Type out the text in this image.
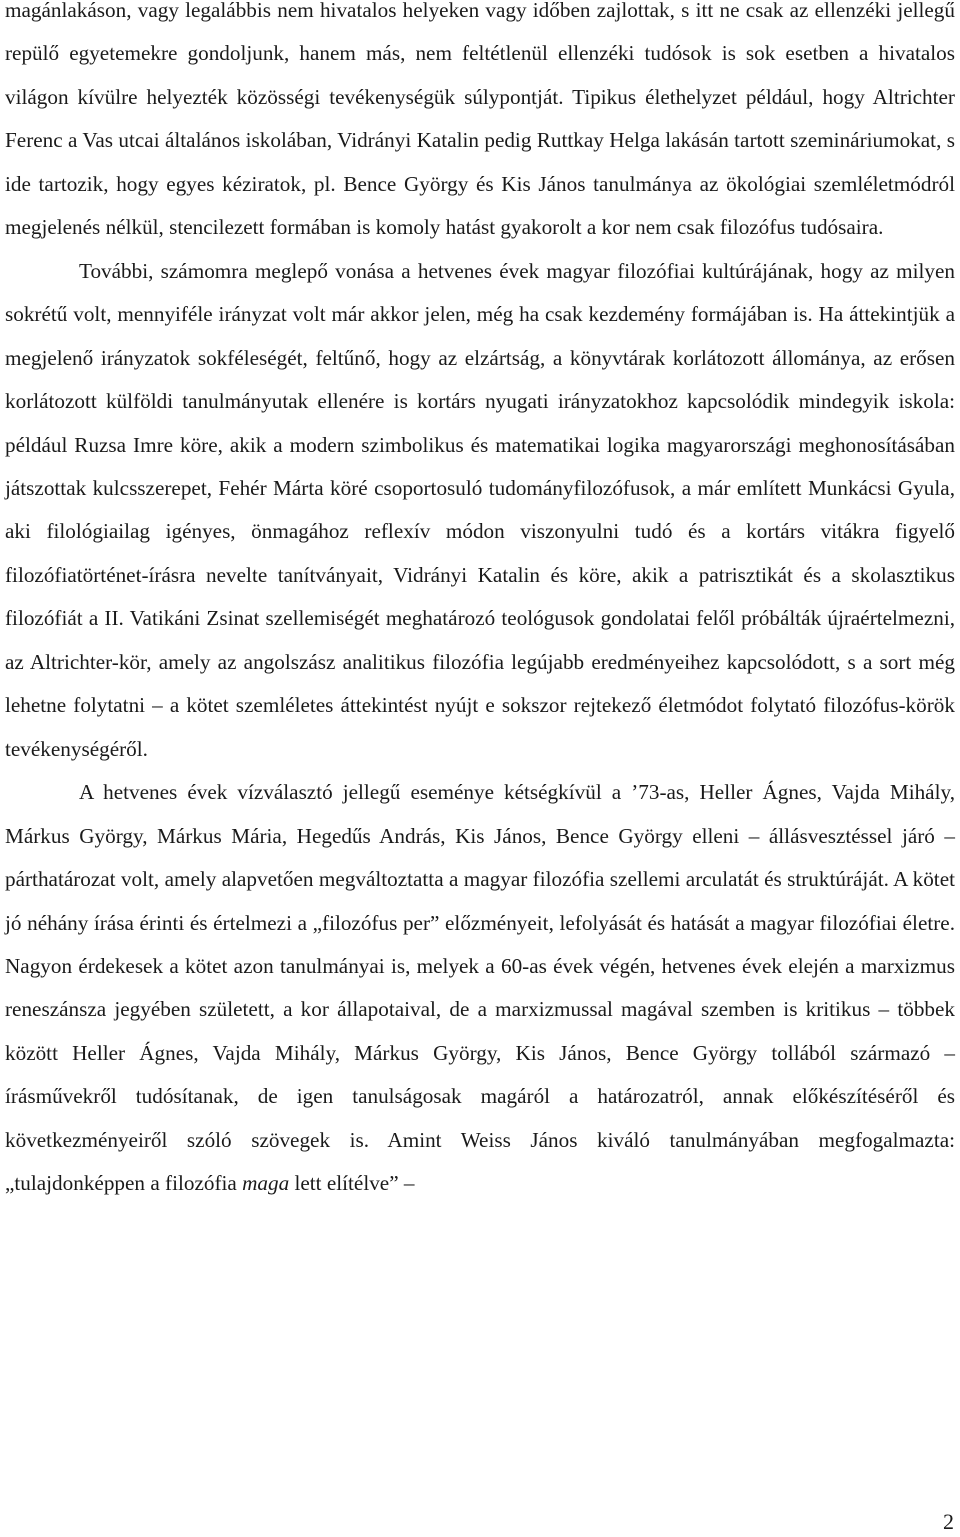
magánlakáson, vagy legalábbis nem hivatalos helyeken vagy időben zajlottak, s itt ne csak az ellenzéki jellegű repülő egyetemekre gondoljunk, hanem más, nem feltétlenül ellenzéki tudósok is sok esetben a hivatalos világon kívülre helyezték közösségi tevékenységük súlypontját. Tipikus élethelyzet például, hogy Altrichter Ferenc a Vas utcai általános iskolában, Vidrányi Katalin pedig Ruttkay Helga lakásán tartott szemináriumokat, s ide tartozik, hogy egyes kéziratok, pl. Bence György és Kis János tanulmánya az ökológiai szemléletmódról megjelenés nélkül, stencilezett formában is komoly hatást gyakorolt a kor nem csak filozófus tudósaira.

További, számomra meglepő vonása a hetvenes évek magyar filozófiai kultúrájának, hogy az milyen sokrétű volt, mennyiféle irányzat volt már akkor jelen, még ha csak kezdemény formájában is. Ha áttekintjük a megjelenő irányzatok sokféleségét, feltűnő, hogy az elzártság, a könyvtárak korlátozott állománya, az erősen korlátozott külföldi tanulmányutak ellenére is kortárs nyugati irányzatokhoz kapcsolódik mindegyik iskola: például Ruzsa Imre köre, akik a modern szimbolikus és matematikai logika magyarországi meghonosításában játszottak kulcsszerepet, Fehér Márta köré csoportosuló tudományfilozófusok, a már említett Munkácsi Gyula, aki filológiailag igényes, önmagához reflexív módon viszonyulni tudó és a kortárs vitákra figyelő filozófiatörténet-írásra nevelte tanítványait, Vidrányi Katalin és köre, akik a patrisztikát és a skolasztikus filozófiát a II. Vatikáni Zsinat szellemiségét meghatározó teológusok gondolatai felől próbálták újraértelmezni, az Altrichter-kör, amely az angolszász analitikus filozófia legújabb eredményeihez kapcsolódott, s a sort még lehetne folytatni – a kötet szemléletes áttekintést nyújt e sokszor rejtekező életmódot folytató filozófus-körök tevékenységéről.

A hetvenes évek vízválasztó jellegű eseménye kétségkívül a ’73-as, Heller Ágnes, Vajda Mihály, Márkus György, Márkus Mária, Hegedűs András, Kis János, Bence György elleni – állásvesztéssel járó – párthatározat volt, amely alapvetően megváltoztatta a magyar filozófia szellemi arculatát és struktúráját. A kötet jó néhány írása érinti és értelmezi a „filozófus per” előzményeit, lefolyását és hatását a magyar filozófiai életre. Nagyon érdekesek a kötet azon tanulmányai is, melyek a 60-as évek végén, hetvenes évek elején a marxizmus reneszánsza jegyében született, a kor állapotaival, de a marxizmussal magával szemben is kritikus – többek között Heller Ágnes, Vajda Mihály, Márkus György, Kis János, Bence György tollából származó – írásművekről tudósítanak, de igen tanulságosak magáról a határozatról, annak előkészítéséről és következményeiről szóló szövegek is. Amint Weiss János kiváló tanulmányában megfogalmazta: „tulajdonképpen a filozófia maga lett elítélve” –

2
